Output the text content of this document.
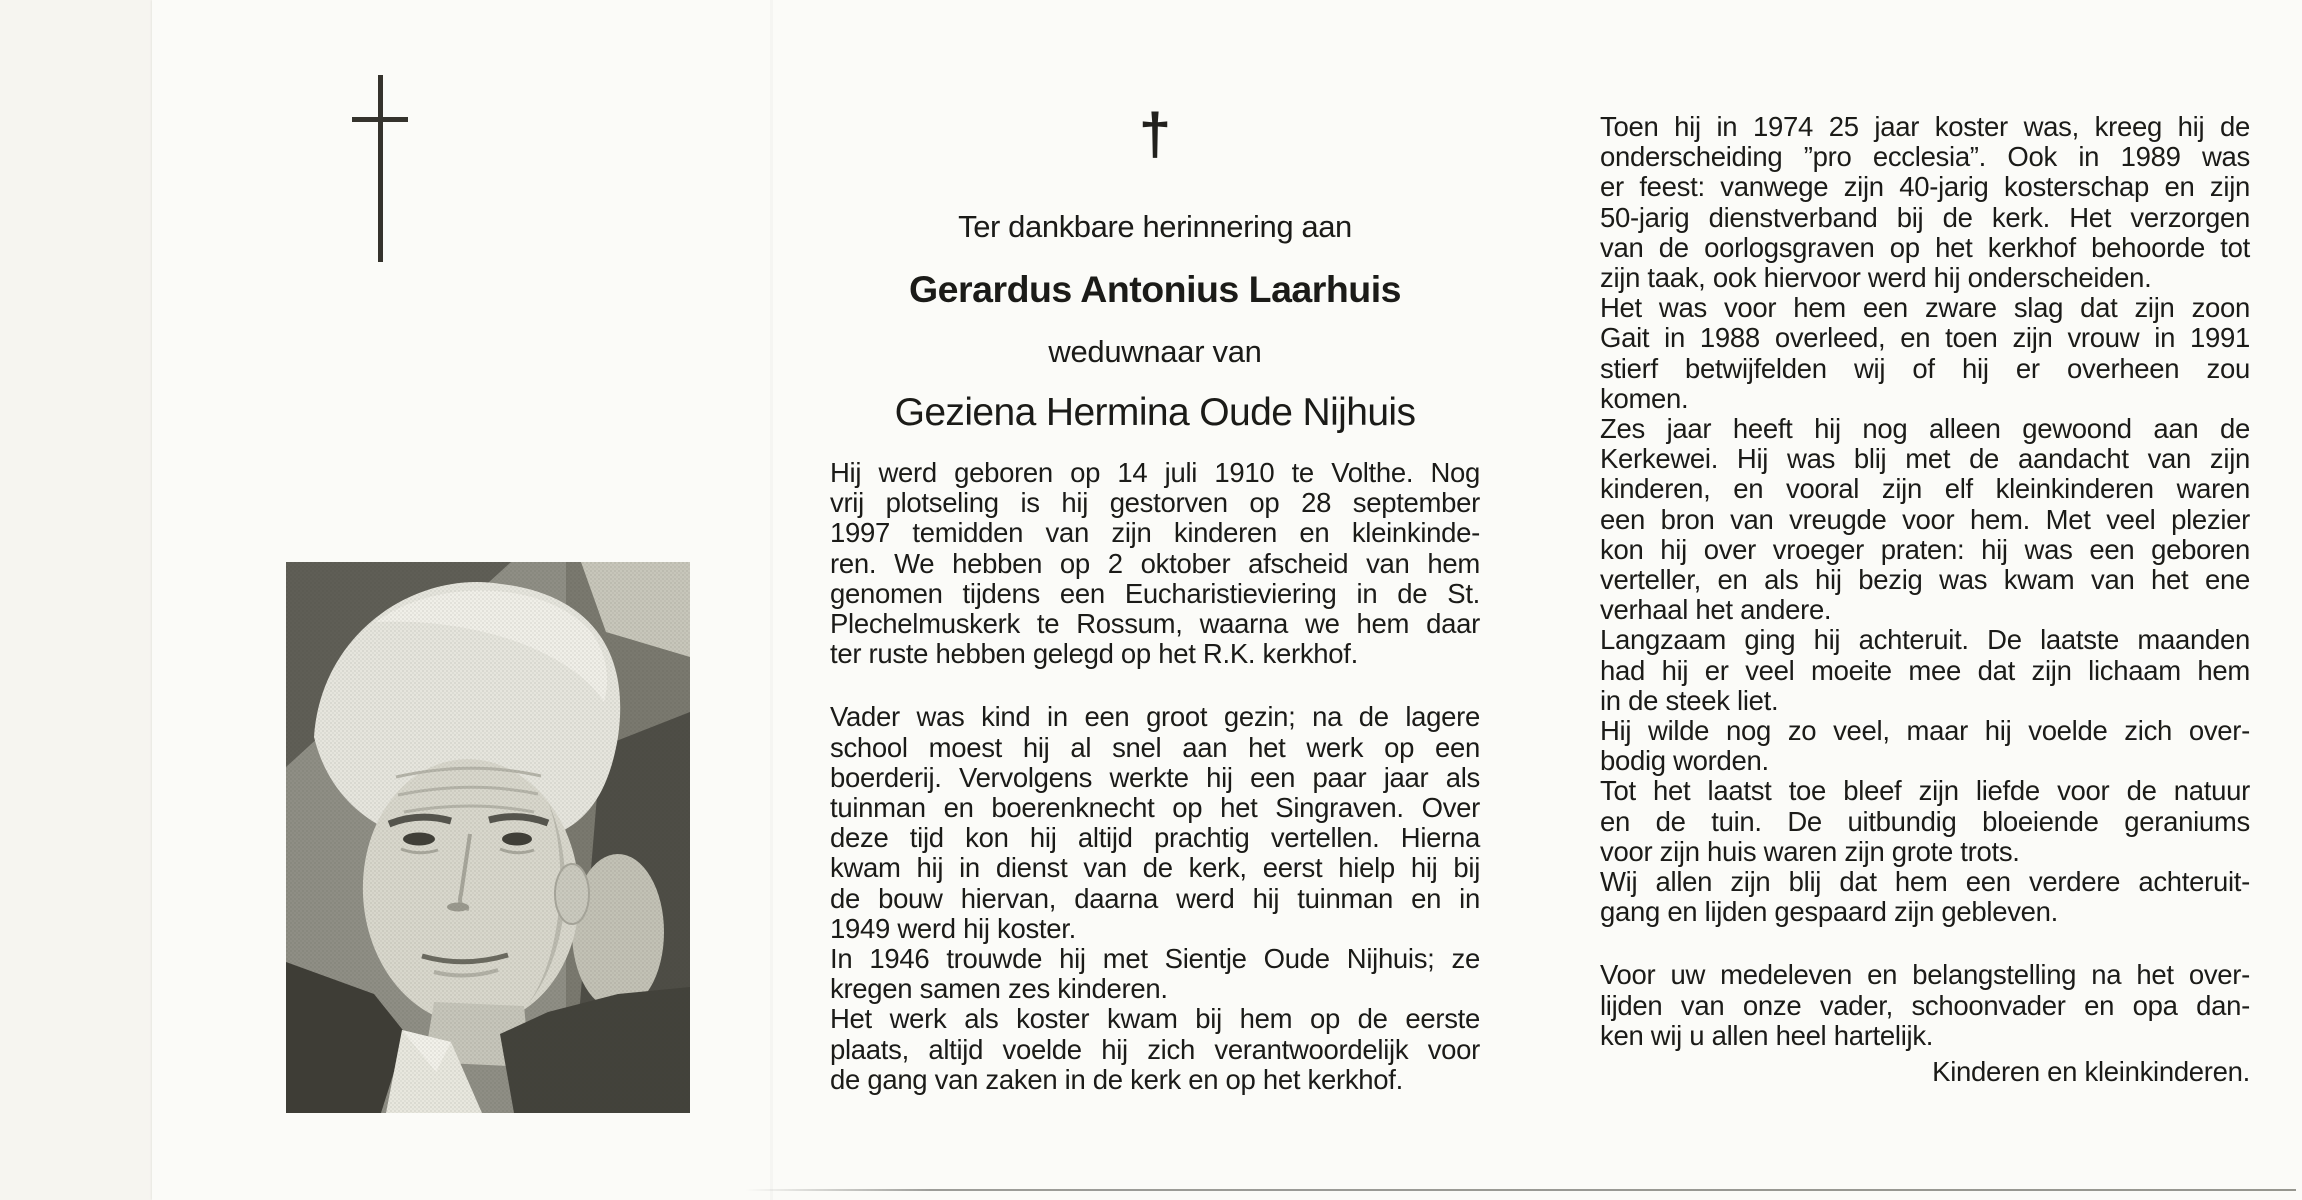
†
Ter dankbare herinnering aan
Gerardus Antonius Laarhuis
weduwnaar van
Geziena Hermina Oude Nijhuis
Hij werd geboren op 14 juli 1910 te Volthe. Nog
vrij plotseling is hij gestorven op 28 september
1997 temidden van zijn kinderen en kleinkinde-
ren. We hebben op 2 oktober afscheid van hem
genomen tijdens een Eucharistieviering in de St.
Plechelmuskerk te Rossum, waarna we hem daar
ter ruste hebben gelegd op het R.K. kerkhof.
Vader was kind in een groot gezin; na de lagere
school moest hij al snel aan het werk op een
boerderij. Vervolgens werkte hij een paar jaar als
tuinman en boerenknecht op het Singraven. Over
deze tijd kon hij altijd prachtig vertellen. Hierna
kwam hij in dienst van de kerk, eerst hielp hij bij
de bouw hiervan, daarna werd hij tuinman en in
1949 werd hij koster.
In 1946 trouwde hij met Sientje Oude Nijhuis; ze
kregen samen zes kinderen.
Het werk als koster kwam bij hem op de eerste
plaats, altijd voelde hij zich verantwoordelijk voor
de gang van zaken in de kerk en op het kerkhof.
Toen hij in 1974 25 jaar koster was, kreeg hij de
onderscheiding ”pro ecclesia”. Ook in 1989 was
er feest: vanwege zijn 40-jarig kosterschap en zijn
50-jarig dienstverband bij de kerk. Het verzorgen
van de oorlogsgraven op het kerkhof behoorde tot
zijn taak, ook hiervoor werd hij onderscheiden.
Het was voor hem een zware slag dat zijn zoon
Gait in 1988 overleed, en toen zijn vrouw in 1991
stierf betwijfelden wij of hij er overheen zou
komen.
Zes jaar heeft hij nog alleen gewoond aan de
Kerkewei. Hij was blij met de aandacht van zijn
kinderen, en vooral zijn elf kleinkinderen waren
een bron van vreugde voor hem. Met veel plezier
kon hij over vroeger praten: hij was een geboren
verteller, en als hij bezig was kwam van het ene
verhaal het andere.
Langzaam ging hij achteruit. De laatste maanden
had hij er veel moeite mee dat zijn lichaam hem
in de steek liet.
Hij wilde nog zo veel, maar hij voelde zich over-
bodig worden.
Tot het laatst toe bleef zijn liefde voor de natuur
en de tuin. De uitbundig bloeiende geraniums
voor zijn huis waren zijn grote trots.
Wij allen zijn blij dat hem een verdere achteruit-
gang en lijden gespaard zijn gebleven.
Voor uw medeleven en belangstelling na het over-
lijden van onze vader, schoonvader en opa dan-
ken wij u allen heel hartelijk.
Kinderen en kleinkinderen.
